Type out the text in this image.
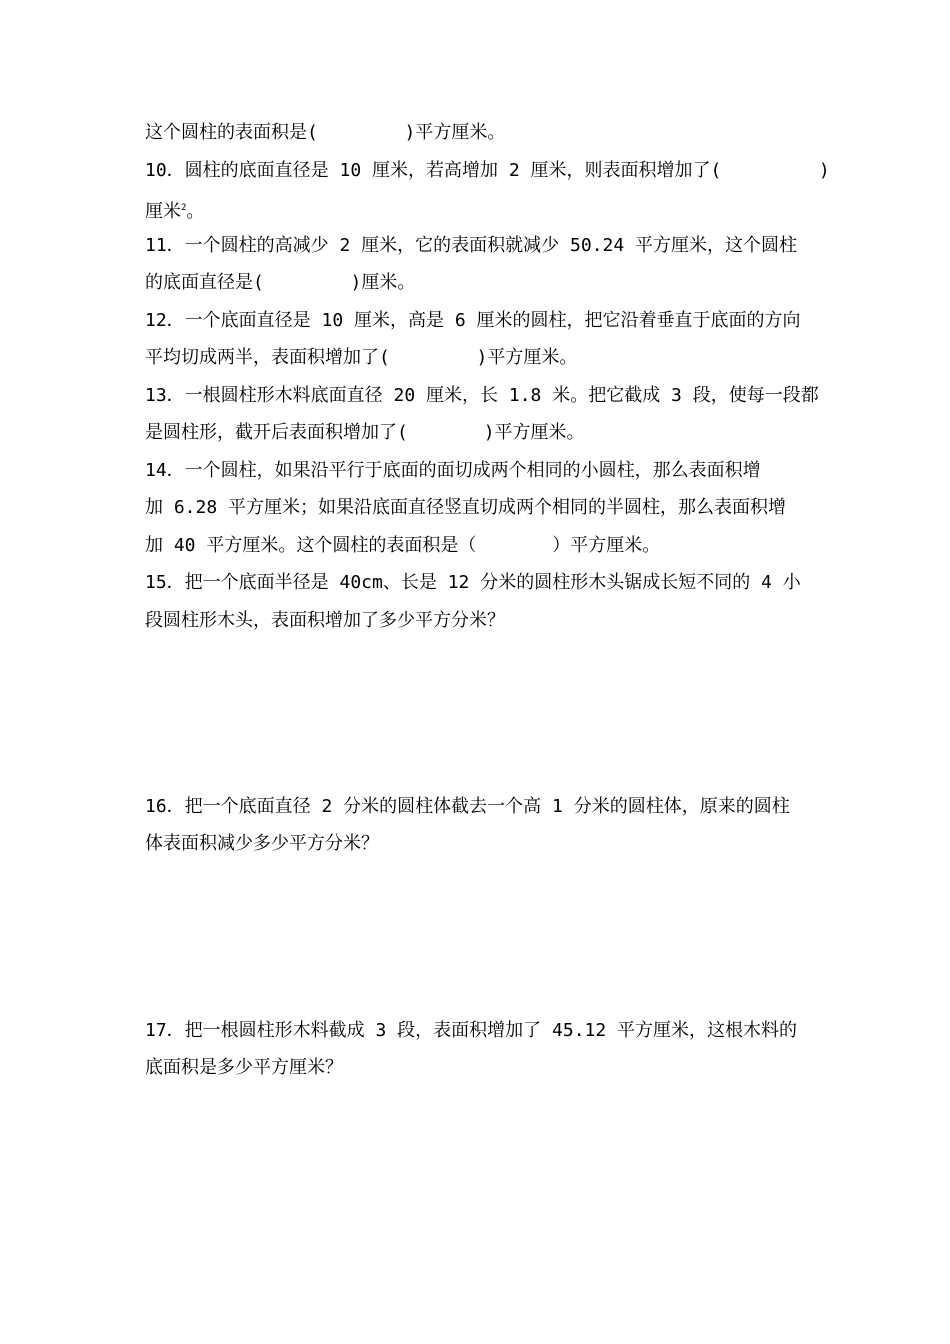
这个圆柱的表面积是(        )平方厘米。
10．圆柱的底面直径是 10 厘米，若高增加 2 厘米，则表面积增加了(         )
厘米$^2$。
11．一个圆柱的高减少 2 厘米，它的表面积就减少 50.24 平方厘米，这个圆柱
的底面直径是(        )厘米。
12．一个底面直径是 10 厘米，高是 6 厘米的圆柱，把它沿着垂直于底面的方向
平均切成两半，表面积增加了(        )平方厘米。
13．一根圆柱形木料底面直径 20 厘米，长 1.8 米。把它截成 3 段，使每一段都
是圆柱形，截开后表面积增加了(       )平方厘米。
14．一个圆柱，如果沿平行于底面的面切成两个相同的小圆柱，那么表面积增
加 6.28 平方厘米；如果沿底面直径竖直切成两个相同的半圆柱，那么表面积增
加 40 平方厘米。这个圆柱的表面积是（       ）平方厘米。
15．把一个底面半径是 40cm、长是 12 分米的圆柱形木头锯成长短不同的 4 小
段圆柱形木头，表面积增加了多少平方分米？
16．把一个底面直径 2 分米的圆柱体截去一个高 1 分米的圆柱体，原来的圆柱
体表面积减少多少平方分米？
17．把一根圆柱形木料截成 3 段，表面积增加了 45.12 平方厘米，这根木料的
底面积是多少平方厘米？
